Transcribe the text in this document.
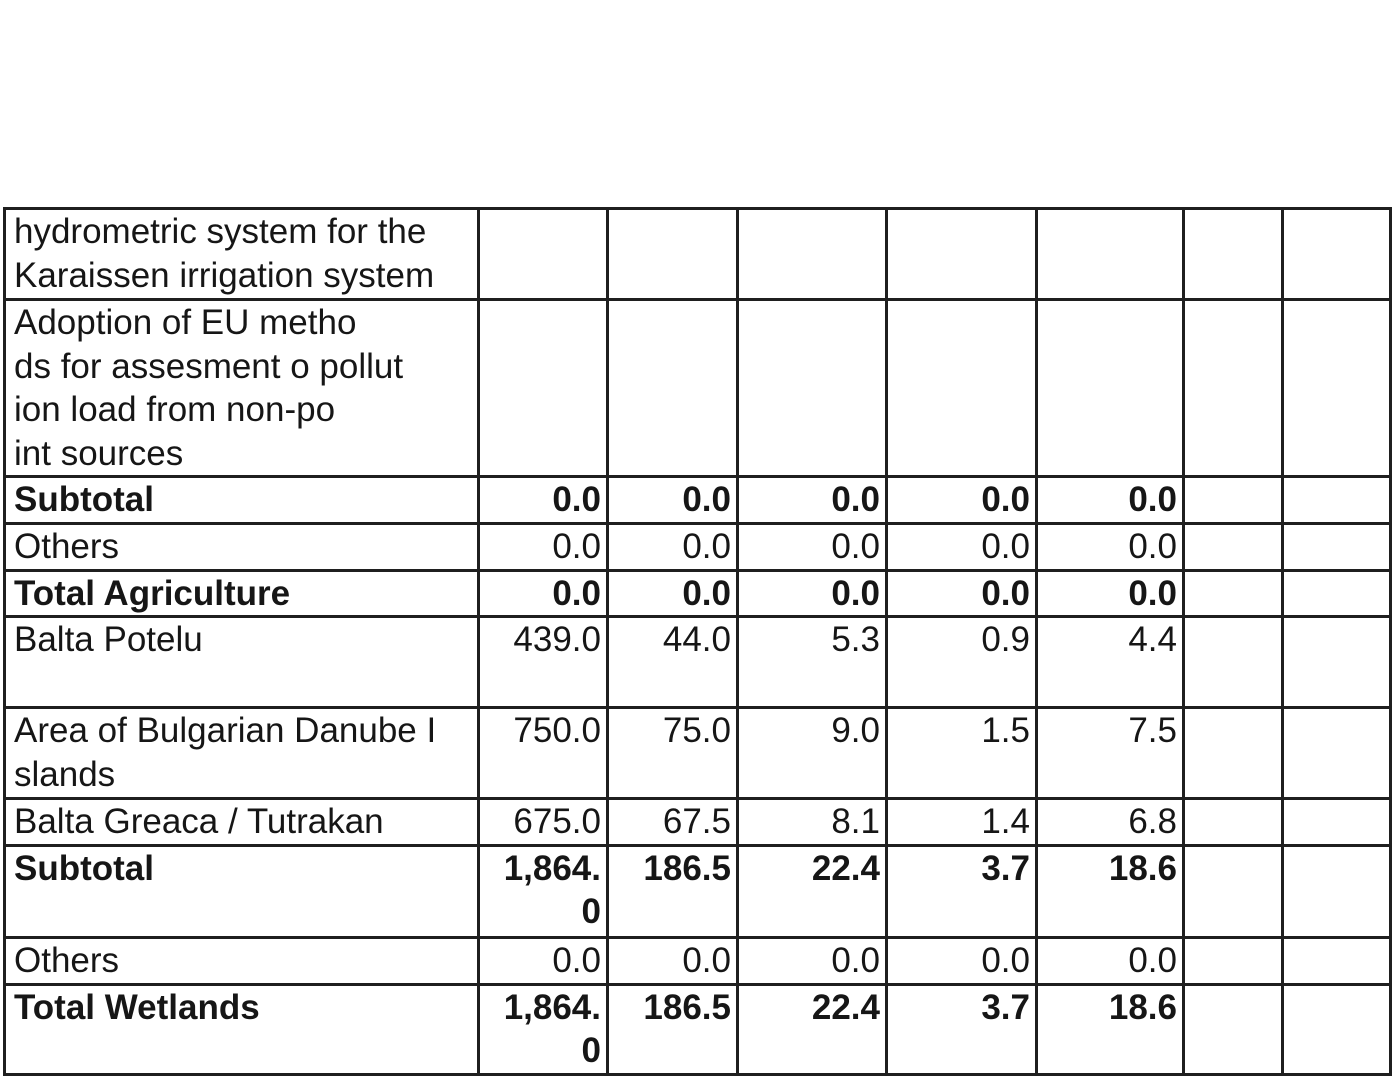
hydrometric system for the
Karaissen irrigation system							

Adoption of EU metho
ds for assesment o pollut
ion load from non-po
int sources							

Subtotal	0.0	0.0	0.0	0.0	0.0		
Others	0.0	0.0	0.0	0.0	0.0		
Total Agriculture	0.0	0.0	0.0	0.0	0.0		
Balta Potelu	439.0	44.0	5.3	0.9	4.4		

Area of Bulgarian Danube I
slands	750.0	75.0	9.0	1.5	7.5		
Balta Greaca / Tutrakan	675.0	67.5	8.1	1.4	6.8		
Subtotal	1,864.
0	186.5	22.4	3.7	18.6		
Others	0.0	0.0	0.0	0.0	0.0		
Total Wetlands	1,864.
0	186.5	22.4	3.7	18.6		
